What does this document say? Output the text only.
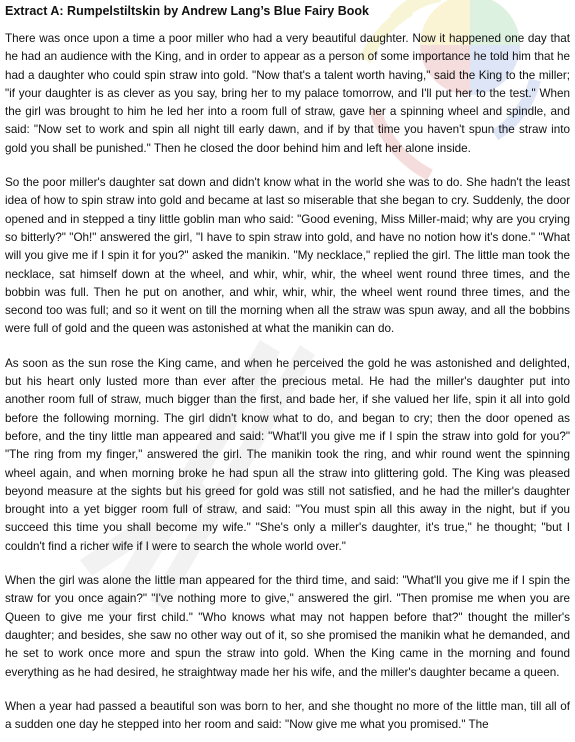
Extract A: Rumpelstiltskin by Andrew Lang’s Blue Fairy Book

There was once upon a time a poor miller who had a very beautiful daughter. Now it happened one day that he had an audience with the King, and in order to appear as a person of some importance he told him that he had a daughter who could spin straw into gold. "Now that's a talent worth having," said the King to the miller; "if your daughter is as clever as you say, bring her to my palace tomorrow, and I'll put her to the test." When the girl was brought to him he led her into a room full of straw, gave her a spinning wheel and spindle, and said: "Now set to work and spin all night till early dawn, and if by that time you haven't spun the straw into gold you shall be punished." Then he closed the door behind him and left her alone inside.

So the poor miller's daughter sat down and didn't know what in the world she was to do. She hadn't the least idea of how to spin straw into gold and became at last so miserable that she began to cry. Suddenly, the door opened and in stepped a tiny little goblin man who said: "Good evening, Miss Miller-maid; why are you crying so bitterly?" "Oh!" answered the girl, "I have to spin straw into gold, and have no notion how it's done." "What will you give me if I spin it for you?" asked the manikin. "My necklace," replied the girl. The little man took the necklace, sat himself down at the wheel, and whir, whir, whir, the wheel went round three times, and the bobbin was full. Then he put on another, and whir, whir, whir, the wheel went round three times, and the second too was full; and so it went on till the morning when all the straw was spun away, and all the bobbins were full of gold and the queen was astonished at what the manikin can do.

As soon as the sun rose the King came, and when he perceived the gold he was astonished and delighted, but his heart only lusted more than ever after the precious metal. He had the miller's daughter put into another room full of straw, much bigger than the first, and bade her, if she valued her life, spin it all into gold before the following morning. The girl didn't know what to do, and began to cry; then the door opened as before, and the tiny little man appeared and said: "What'll you give me if I spin the straw into gold for you?" "The ring from my finger," answered the girl. The manikin took the ring, and whir round went the spinning wheel again, and when morning broke he had spun all the straw into glittering gold. The King was pleased beyond measure at the sights but his greed for gold was still not satisfied, and he had the miller's daughter brought into a yet bigger room full of straw, and said: "You must spin all this away in the night, but if you succeed this time you shall become my wife." "She's only a miller's daughter, it's true," he thought; "but I couldn't find a richer wife if I were to search the whole world over."

When the girl was alone the little man appeared for the third time, and said: "What'll you give me if I spin the straw for you once again?" "I've nothing more to give," answered the girl. "Then promise me when you are Queen to give me your first child." "Who knows what may not happen before that?" thought the miller's daughter; and besides, she saw no other way out of it, so she promised the manikin what he demanded, and he set to work once more and spun the straw into gold. When the King came in the morning and found everything as he had desired, he straightway made her his wife, and the miller's daughter became a queen.

When a year had passed a beautiful son was born to her, and she thought no more of the little man, till all of a sudden one day he stepped into her room and said: "Now give me what you promised." The
